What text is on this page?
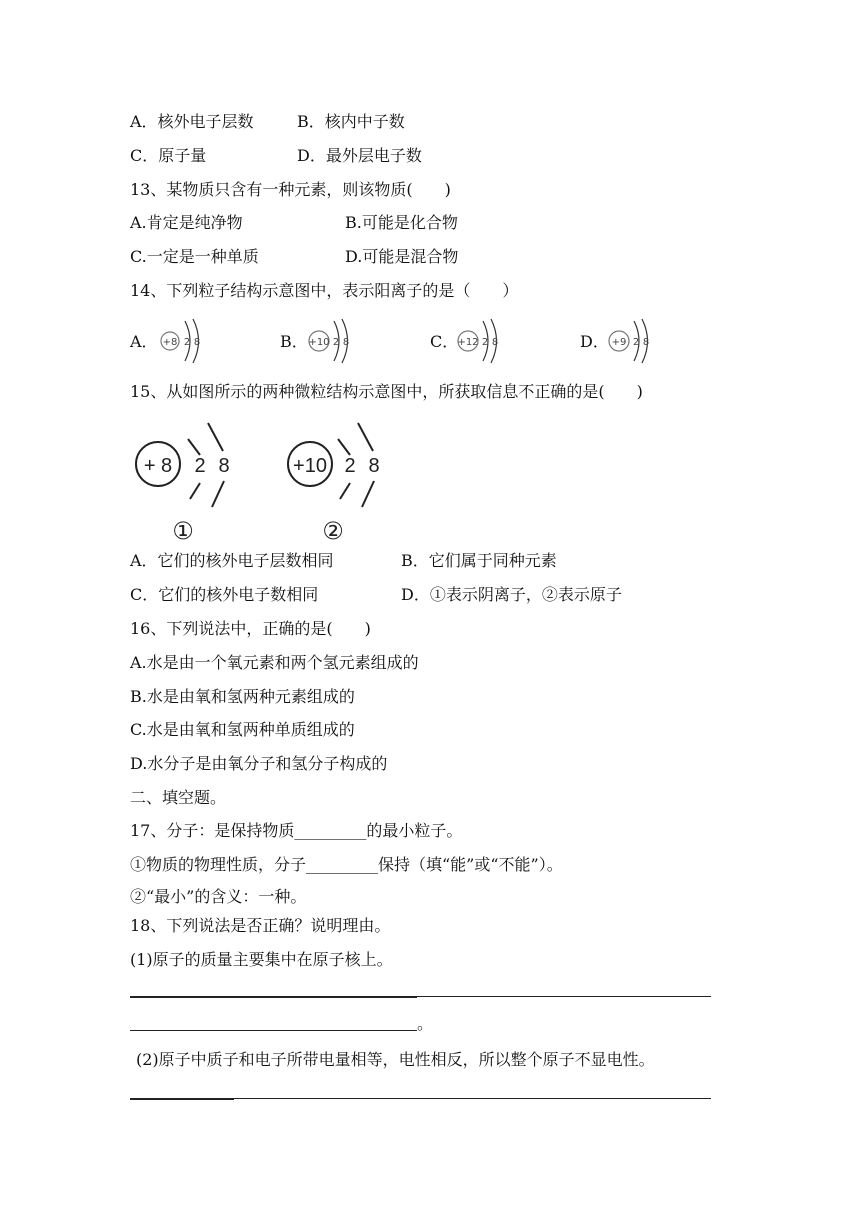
A．核外电子层数	B．核内中子数
C．原子量	D．最外层电子数
13、某物质只含有一种元素，则该物质(　　)
A.肯定是纯净物	B.可能是化合物
C.一定是一种单质	D.可能是混合物
14、下列粒子结构示意图中，表示阳离子的是（　　）
A． +8 2 8	B． +10 2 8	C． +12 2 8	D． +9 2 8
15、从如图所示的两种微粒结构示意图中，所获取信息不正确的是(　　)
+ 8 2 8
①
+10 2 8
②
A．它们的核外电子层数相同	B．它们属于同种元素
C．它们的核外电子数相同	D．①表示阴离子，②表示原子
16、下列说法中，正确的是(　　)
A.水是由一个氧元素和两个氢元素组成的
B.水是由氧和氢两种元素组成的
C.水是由氧和氢两种单质组成的
D.水分子是由氧分子和氢分子构成的
二、填空题。
17、分子：是保持物质_________的最小粒子。
①物质的物理性质，分子_________保持（填“能”或“不能”）。
②“最小”的含义：一种。
18、下列说法是否正确？说明理由。
(1)原子的质量主要集中在原子核上。
。
(2)原子中质子和电子所带电量相等，电性相反，所以整个原子不显电性。
